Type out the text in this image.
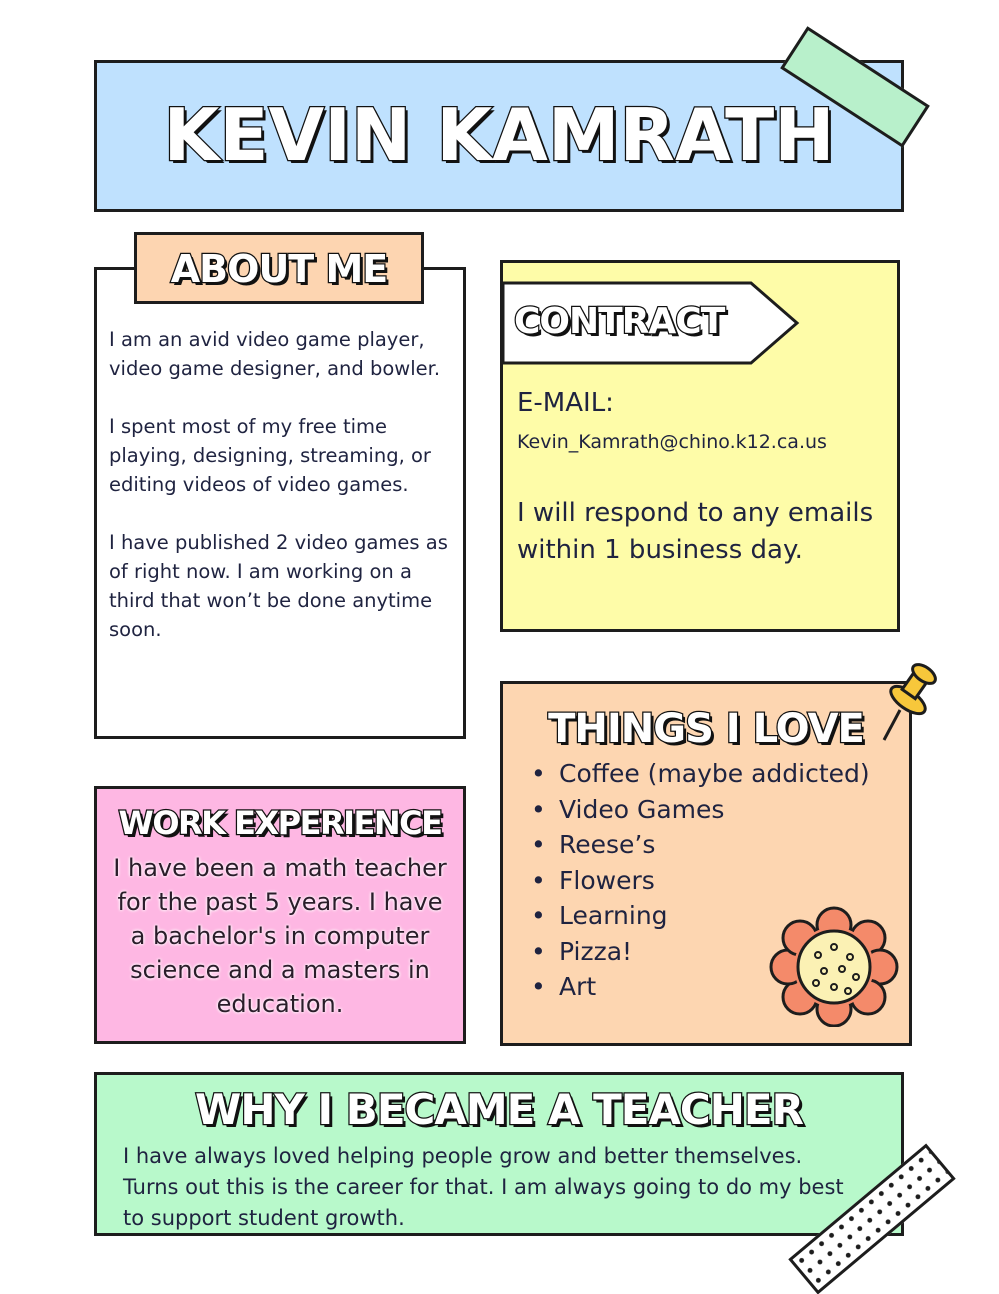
KEVIN KAMRATH

I am an avid video game player, video game designer, and bowler.

I spent most of my free time playing, designing, streaming, or editing videos of video games.

I have published 2 video games as of right now. I am working on a third that won’t be done anytime soon.

ABOUT ME
E-MAIL:
Kevin_Kamrath@chino.k12.ca.us
I will respond to any emails within 1 business day.
CONTRACT
THINGS I LOVE
• Coffee (maybe addicted)
• Video Games
• Reese’s
• Flowers
• Learning
• Pizza!
• Art
WORK EXPERIENCE
I have been a math teacher for the past 5 years. I have a bachelor's in computer science and a masters in education.
WHY I BECAME A TEACHER
I have always loved helping people grow and better themselves. Turns out this is the career for that. I am always going to do my best to support student growth.
